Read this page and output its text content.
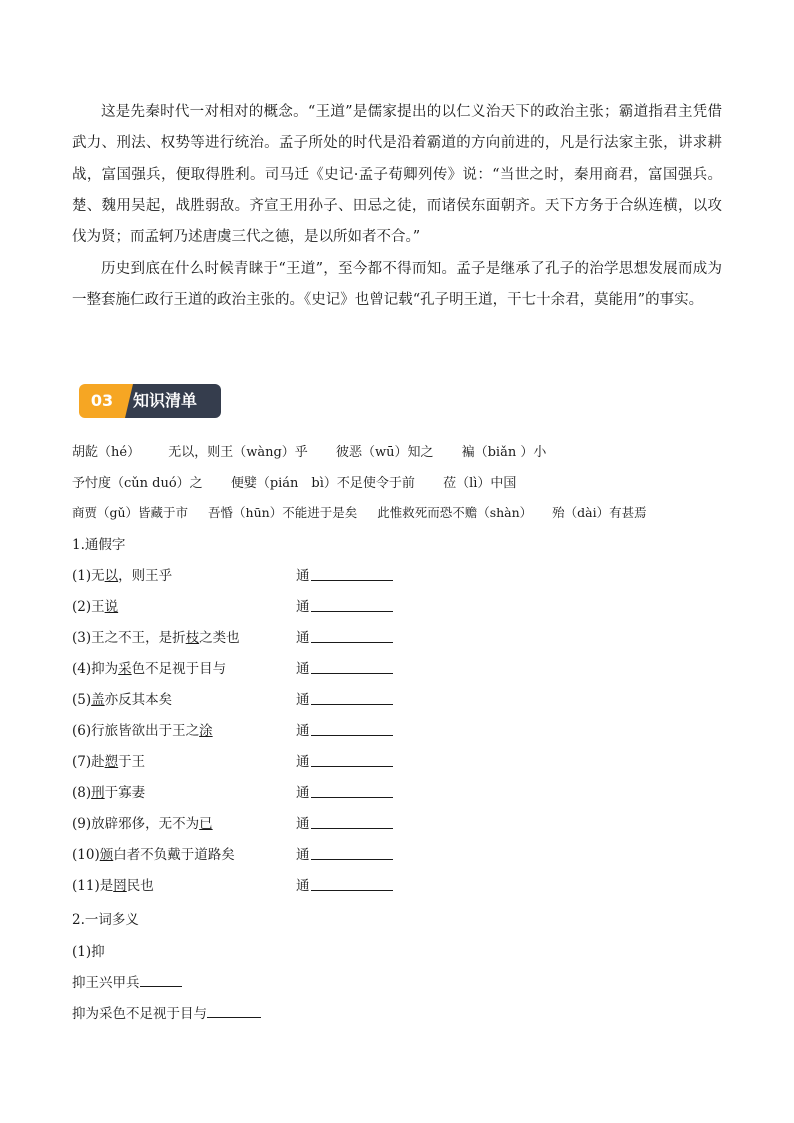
这是先秦时代一对相对的概念。“王道”是儒家提出的以仁义治天下的政治主张；霸道指君主凭借武力、刑法、权势等进行统治。孟子所处的时代是沿着霸道的方向前进的，凡是行法家主张，讲求耕战，富国强兵，便取得胜利。司马迁《史记·孟子荀卿列传》说：“当世之时，秦用商君，富国强兵。楚、魏用吴起，战胜弱敌。齐宣王用孙子、田忌之徒，而诸侯东面朝齐。天下方务于合纵连横，以攻伐为贤；而孟轲乃述唐虞三代之德，是以所如者不合。”

历史到底在什么时候青睐于“王道”，至今都不得而知。孟子是继承了孔子的治学思想发展而成为一整套施仁政行王道的政治主张的。《史记》也曾记载“孔子明王道，干七十余君，莫能用”的事实。

03	知识清单
胡龁（hé） 无以，则王（wàng）乎 彼恶（wū）知之 褊（biǎn ）小
予忖度（cǔn duó）之 便嬖（pián　bì）不足使令于前 莅（lì）中国
商贾（gǔ）皆藏于市 吾惛（hūn）不能进于是矣 此惟救死而恐不赡（shàn） 殆（dài）有甚焉
1.通假字
(1)无以，则王乎	通
(2)王说	通
(3)王之不王，是折枝之类也	通
(4)抑为采色不足视于目与	通
(5)盖亦反其本矣	通
(6)行旅皆欲出于王之涂	通
(7)赴愬于王	通
(8)刑于寡妻	通
(9)放辟邪侈，无不为已	通
(10)颁白者不负戴于道路矣	通
(11)是罔民也	通
2.一词多义
(1)抑
抑王兴甲兵
抑为采色不足视于目与
